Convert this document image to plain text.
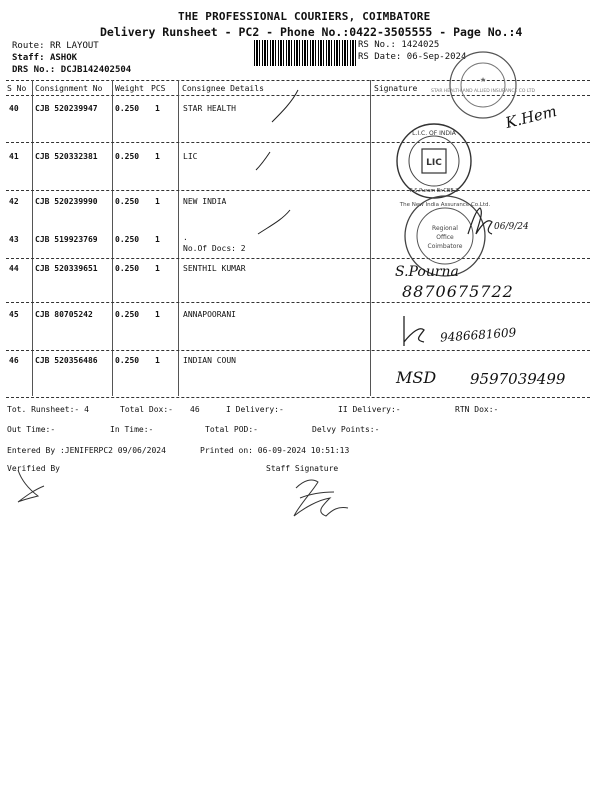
THE PROFESSIONAL COURIERS, COIMBATORE
Delivery Runsheet - PC2 - Phone No.:0422-3505555 - Page No.:4
Route: RR LAYOUT
Staff: ASHOK
DRS No.: DCJB142402504
RS No.: 1424025
RS Date: 06-Sep-2024
S No Consignment No Weight PCS Consignee Details	Signature
40 CJB 520239947 0.250 1	STAR HEALTH
41 CJB 520332381 0.250 1	LIC
42 CJB 520239990 0.250 1	NEW INDIA
43 CJB 519923769 0.250 1	.
No.Of Docs: 2
44 CJB 520339651 0.250 1	SENTHIL KUMAR
45 CJB 80705242	0.250 1	ANNAPOORANI
46 CJB 520356486 0.250 1	INDIAN COUN
★
STAR HEALTH AND ALLIED INSURANCE CO LTD
L.I.C. OF INDIA
R.S.Puram Br.CBE-2
LIC
The New India Assurance Co.Ltd.
Regional
Office
Coimbatore
K.Hem
06/9/24
S.Pourna
8870675722
9486681609
MSD 9597039499
Tot. Runsheet:- 4	Total Dox:- 46	I Delivery:-	II Delivery:-	RTN Dox:-
Out Time:-	In Time:-	Total POD:-	Delvy Points:-
Entered By :JENIFERPC2 09/06/2024	Printed on: 06-09-2024 10:51:13
Verified By	Staff Signature
